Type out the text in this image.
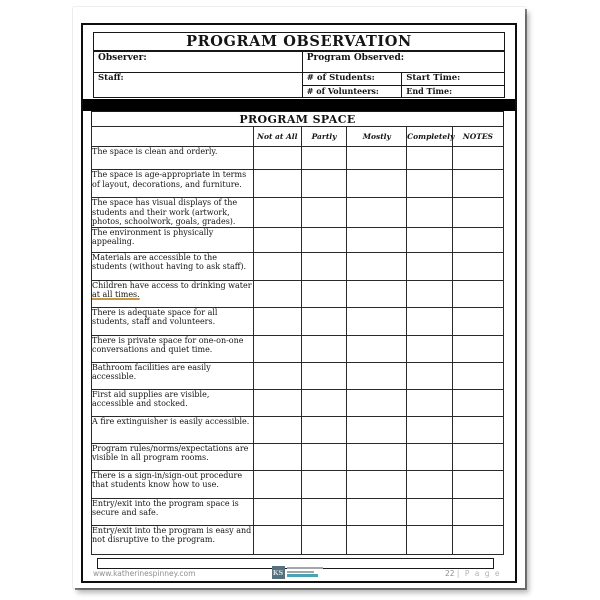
PROGRAM OBSERVATION
Observer:	Program Observed:	
Staff:	# of Students:	Start Time:
	# of Volunteers:	End Time:
PROGRAM SPACE
	Not at All	Partly	Mostly	Completely	NOTES
The space is clean and orderly.					
The space is age-appropriate in terms of layout, decorations, and furniture.					
The space has visual displays of the students and their work (artwork, photos, schoolwork, goals, grades).					
The environment is physically appealing.					
Materials are accessible to the students (without having to ask staff).					
Children have access to drinking water at all times.					
There is adequate space for all students, staff and volunteers.					
There is private space for one-on-one conversations and quiet time.					
Bathroom facilities are easily accessible.					
First aid supplies are visible, accessible and stocked.					
A fire extinguisher is easily accessible.					
Program rules/norms/expectations are visible in all program rooms.					
There is a sign-in/sign-out procedure that students know how to use.					
Entry/exit into the program space is secure and safe.					
Entry/exit into the program is easy and not disruptive to the program.					
www.katherinespinney.com	KS	22 | P a g e
